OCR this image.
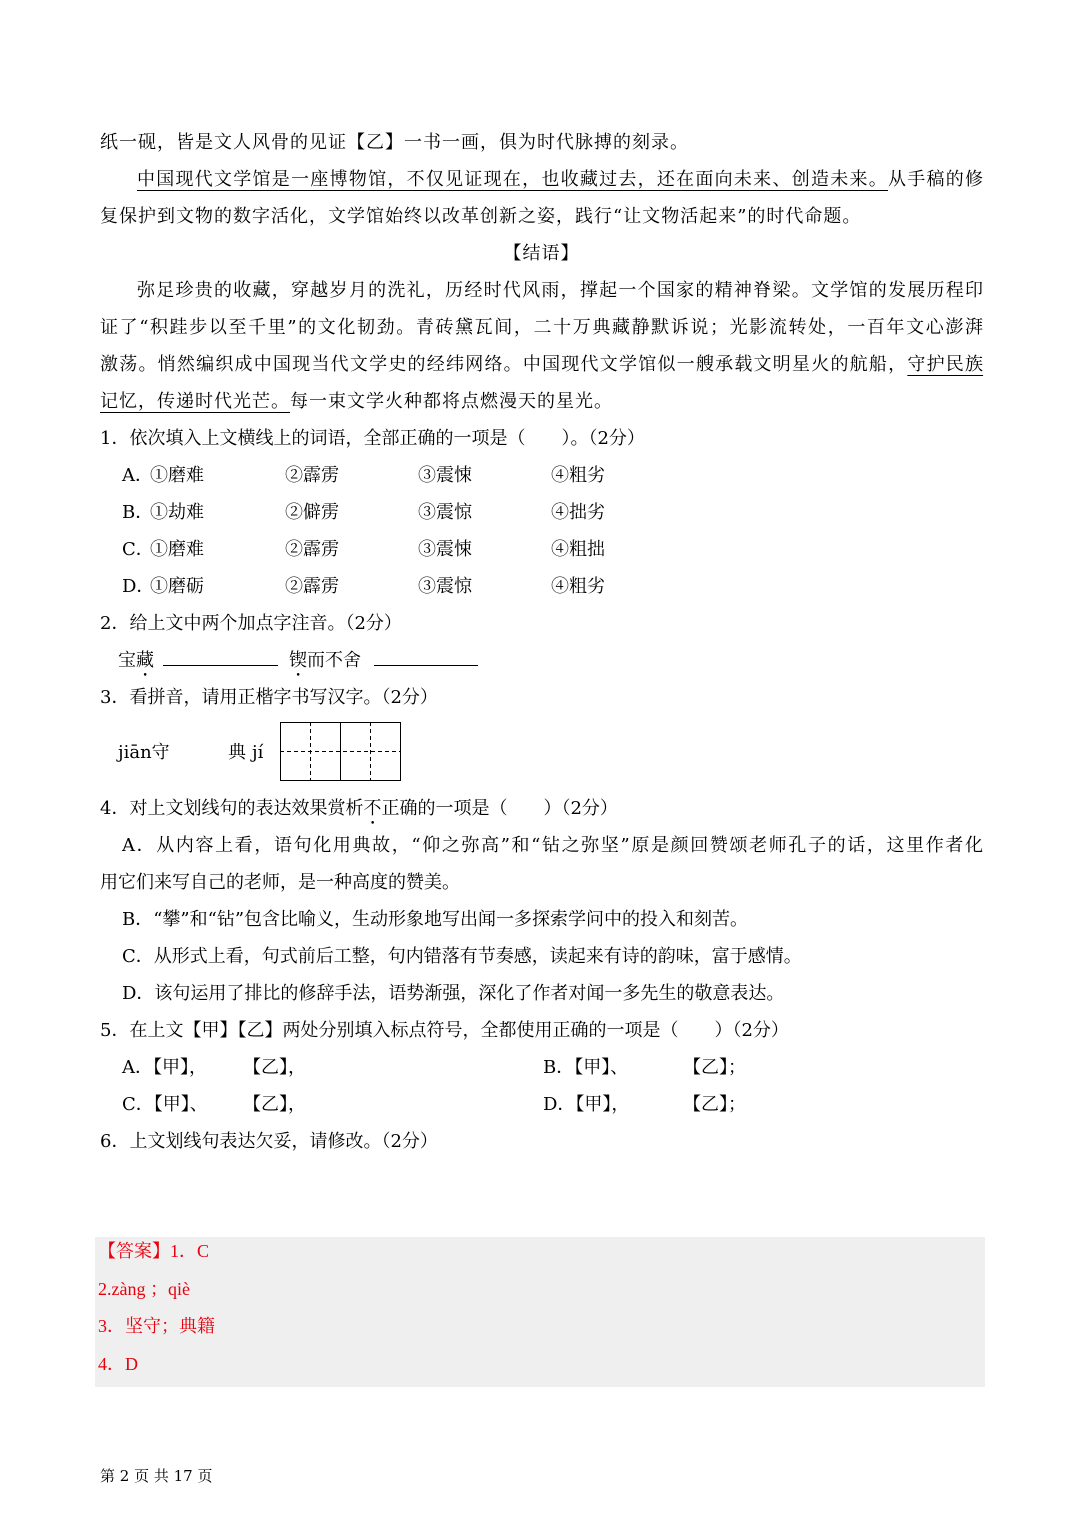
纸一砚，皆是文人风骨的见证【乙】一书一画，俱为时代脉搏的刻录。
中国现代文学馆是一座博物馆，不仅见证现在，也收藏过去，还在面向未来、创造未来。从手稿的修
复保护到文物的数字活化，文学馆始终以改革创新之姿，践行“让文物活起来”的时代命题。
【结语】
弥足珍贵的收藏，穿越岁月的洗礼，历经时代风雨，撑起一个国家的精神脊梁。文学馆的发展历程印
证了“积跬步以至千里”的文化韧劲。青砖黛瓦间，二十万典藏静默诉说；光影流转处，一百年文心澎湃
激荡。悄然编织成中国现当代文学史的经纬网络。中国现代文学馆似一艘承载文明星火的航船，守护民族
记忆，传递时代光芒。每一束文学火种都将点燃漫天的星光。
1．依次填入上文横线上的词语，全部正确的一项是（　　）。（2分）
A．①磨难	②霹雳	③震悚	④粗劣
B．①劫难	②僻雳	③震惊	④拙劣
C．①磨难	②霹雳	③震悚	④粗拙
D．①磨砺	②霹雳	③震惊	④粗劣
2．给上文中两个加点字注音。（2分）
宝藏	锲而不舍
3．看拼音，请用正楷字书写汉字。（2分）
jiān守	典 jí
4．对上文划线句的表达效果赏析不正确的一项是（　　）（2分）
A．从内容上看，语句化用典故，“仰之弥高”和“钻之弥坚”原是颜回赞颂老师孔子的话，这里作者化
用它们来写自己的老师，是一种高度的赞美。
B．“攀”和“钻”包含比喻义，生动形象地写出闻一多探索学问中的投入和刻苦。
C．从形式上看，句式前后工整，句内错落有节奏感，读起来有诗的韵味，富于感情。
D．该句运用了排比的修辞手法，语势渐强，深化了作者对闻一多先生的敬意表达。
5．在上文【甲】【乙】两处分别填入标点符号，全都使用正确的一项是（　　）（2分）
A．【甲】， 【乙】，	B．【甲】、	【乙】；
C．【甲】、 【乙】，	D．【甲】，	【乙】；
6．上文划线句表达欠妥，请修改。（2分）
【答案】1．C
2.zàng ；qiè
3．坚守；典籍
4．D
第 2 页 共 17 页
